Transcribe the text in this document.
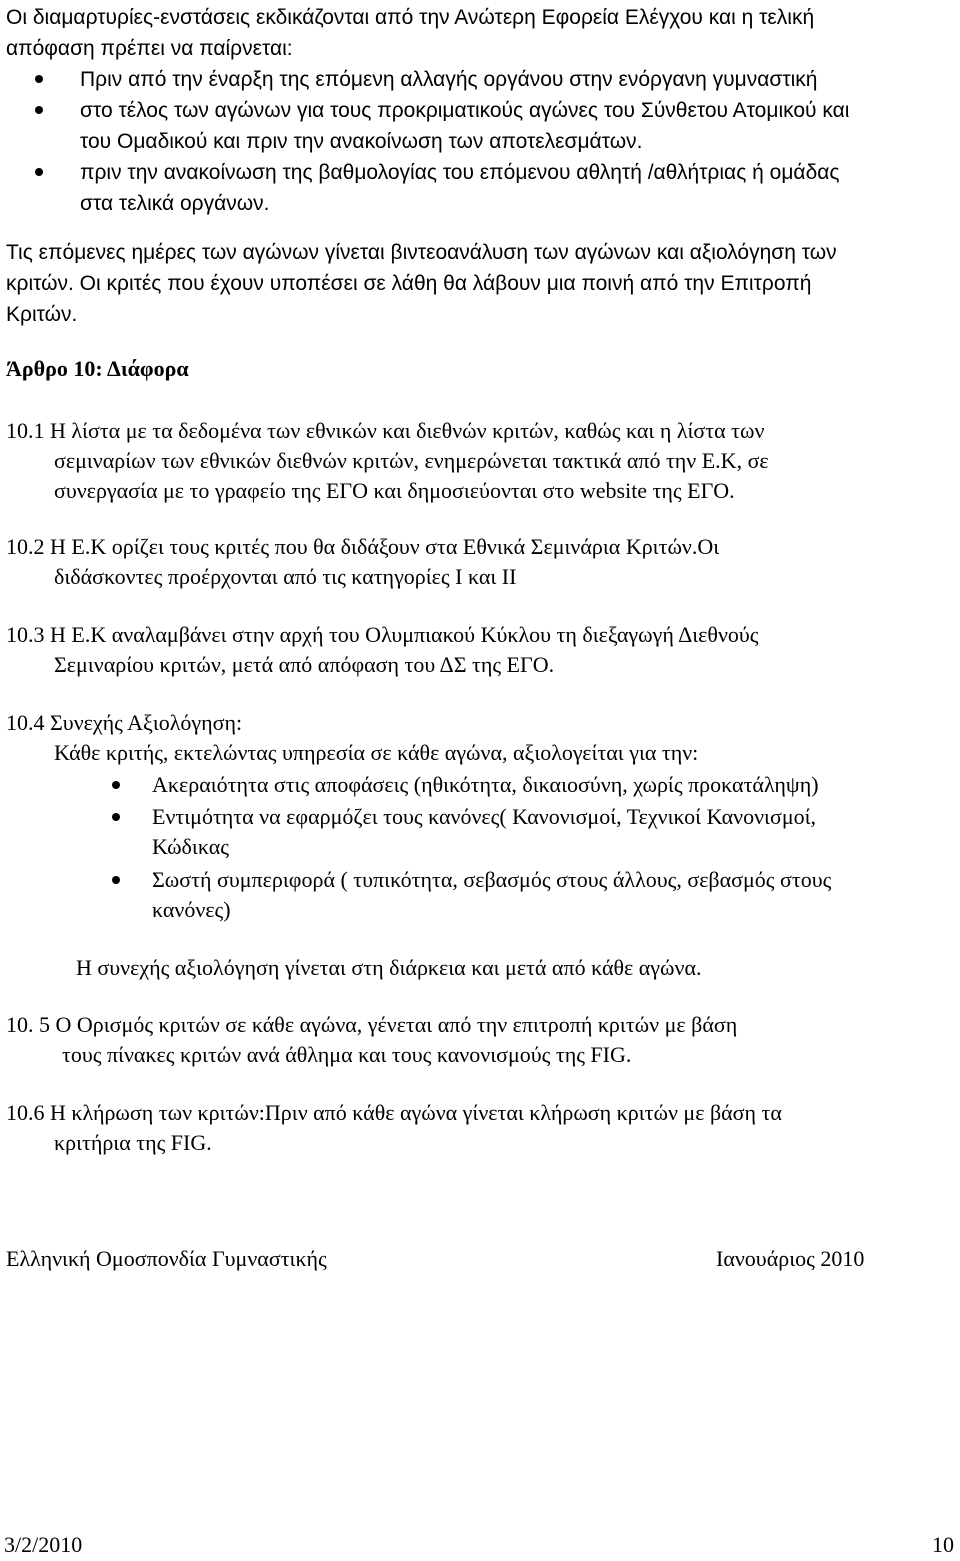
Οι διαμαρτυρίες-ενστάσεις εκδικάζονται από την Ανώτερη Εφορεία Ελέγχου και η τελική
απόφαση πρέπει να παίρνεται:

Πριν από την έναρξη της επόμενη αλλαγής οργάνου στην ενόργανη γυμναστική
στο τέλος των αγώνων για τους προκριματικούς αγώνες του Σύνθετου Ατομικού και
του Ομαδικού και πριν την ανακοίνωση των αποτελεσμάτων.
πριν την ανακοίνωση της βαθμολογίας του επόμενου αθλητή /αθλήτριας ή ομάδας
στα τελικά οργάνων.

Τις επόμενες ημέρες των αγώνων γίνεται βιντεοανάλυση των αγώνων και αξιολόγηση των
κριτών. Οι κριτές που έχουν υποπέσει σε λάθη θα λάβουν μια ποινή από την Επιτροπή
Κριτών.

Άρθρο 10: Διάφορα

10.1 Η λίστα με τα δεδομένα των εθνικών και διεθνών κριτών, καθώς και η λίστα των
σεμιναρίων των εθνικών διεθνών κριτών, ενημερώνεται τακτικά από την Ε.Κ, σε
συνεργασία με το γραφείο της ΕΓΟ και δημοσιεύονται στο website της ΕΓΟ.

10.2 Η Ε.Κ ορίζει τους κριτές που θα διδάξουν στα Εθνικά Σεμινάρια Κριτών.Οι
διδάσκοντες προέρχονται από τις κατηγορίες Ι και ΙΙ

10.3 Η Ε.Κ αναλαμβάνει στην αρχή του Ολυμπιακού Κύκλου τη διεξαγωγή Διεθνούς
Σεμιναρίου κριτών, μετά από απόφαση του ΔΣ της ΕΓΟ.

10.4 Συνεχής Αξιολόγηση:
Κάθε κριτής, εκτελώντας υπηρεσία σε κάθε αγώνα, αξιολογείται για την:

Ακεραιότητα στις αποφάσεις (ηθικότητα, δικαιοσύνη, χωρίς προκατάληψη)
Εντιμότητα να εφαρμόζει τους κανόνες( Κανονισμοί, Τεχνικοί Κανονισμοί,
Κώδικας
Σωστή συμπεριφορά ( τυπικότητα, σεβασμός στους άλλους, σεβασμός στους
κανόνες)

Η συνεχής αξιολόγηση γίνεται στη διάρκεια και μετά από κάθε αγώνα.

10. 5 Ο Ορισμός κριτών σε κάθε αγώνα, γένεται από την επιτροπή κριτών με βάση
τους πίνακες κριτών ανά άθλημα και τους κανονισμούς της FIG.

10.6 Η κλήρωση των κριτών:Πριν από κάθε αγώνα γίνεται κλήρωση κριτών με βάση τα
κριτήρια της FIG.

Ελληνική Ομοσπονδία Γυμναστικής	Ιανουάριος 2010

3/2/2010	10
